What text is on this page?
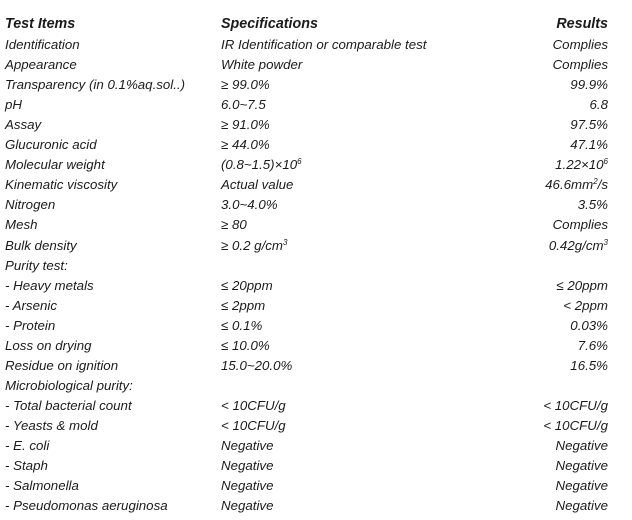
Test Items	Specifications	Results
Identification	IR Identification or comparable test	Complies
Appearance	White powder	Complies
Transparency (in 0.1%aq.sol..)	≥ 99.0%	99.9%
pH	6.0~7.5	6.8
Assay	≥ 91.0%	97.5%
Glucuronic acid	≥ 44.0%	47.1%
Molecular weight	$(0.8\sim 1.5)\times 10^6$	$1.22\times 10^6$
Kinematic viscosity	Actual value	$46.6mm^2/s$
Nitrogen	3.0~4.0%	3.5%
Mesh	≥ 80	Complies
Bulk density	≥ 0.2 $g/cm^3$	$0.42g/cm^3$
Purity test:
- Heavy metals	≤ 20ppm	≤ 20ppm
- Arsenic	≤ 2ppm	< 2ppm
- Protein	≤ 0.1%	0.03%
Loss on drying	≤ 10.0%	7.6%
Residue on ignition	15.0~20.0%	16.5%
Microbiological purity:
- Total bacterial count	< 10CFU/g	< 10CFU/g
- Yeasts & mold	< 10CFU/g	< 10CFU/g
- E. coli	Negative	Negative
- Staph	Negative	Negative
- Salmonella	Negative	Negative
- Pseudomonas aeruginosa	Negative	Negative
